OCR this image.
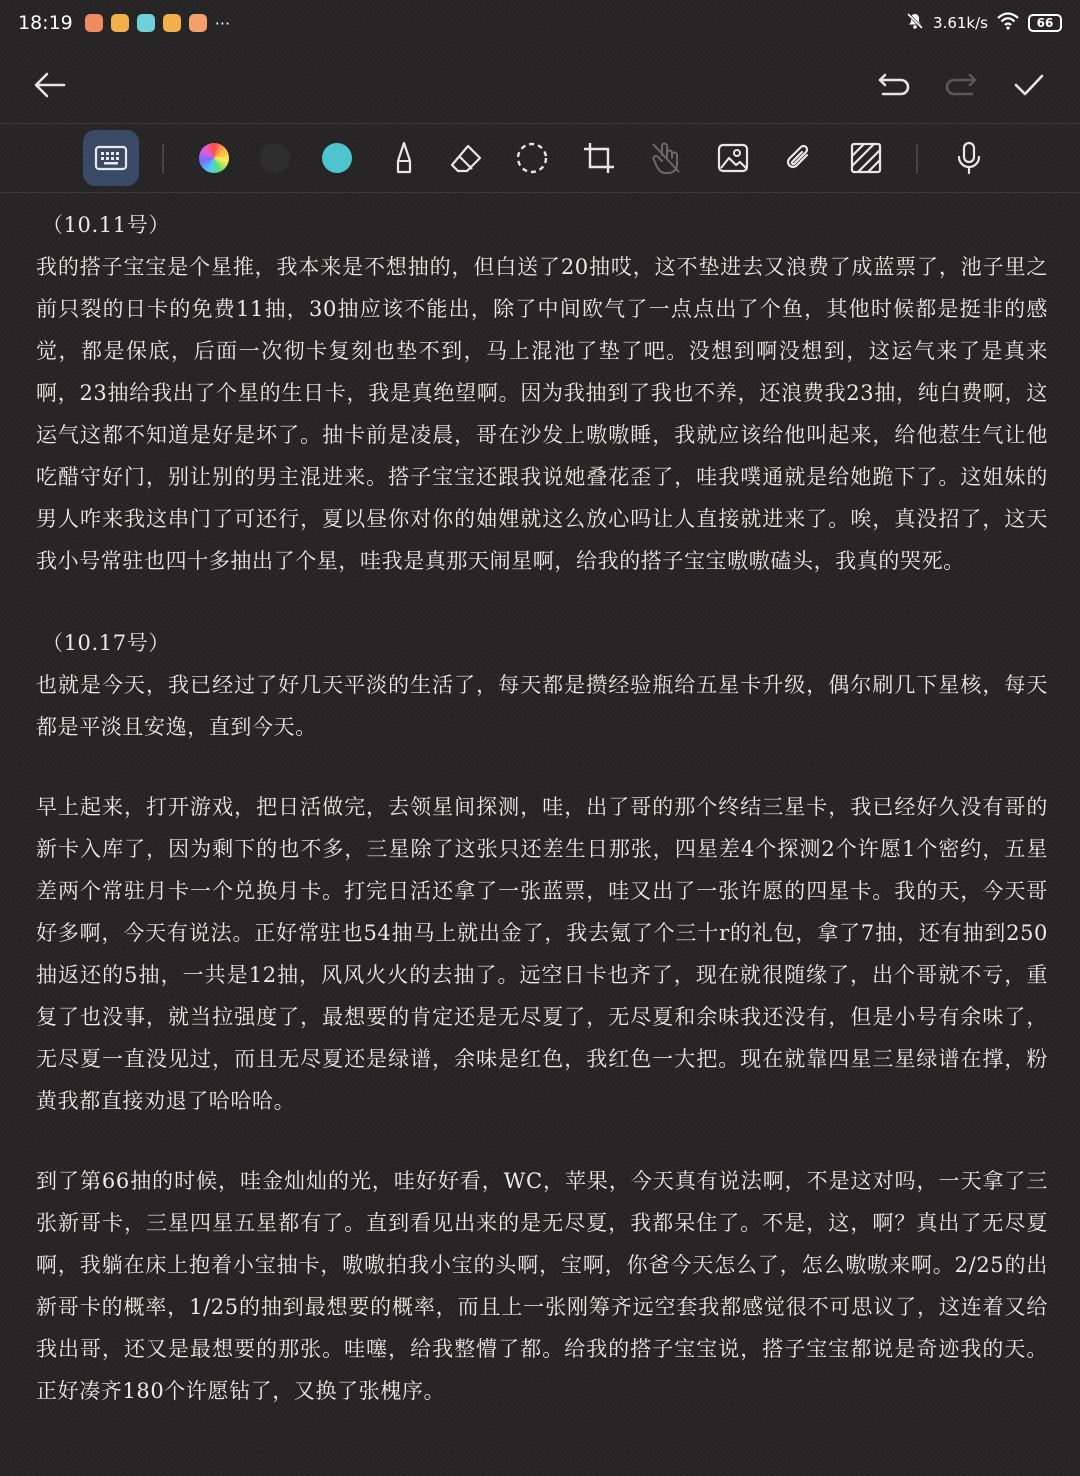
18:19	···	3.61k/s	66

（10.11号）

我的搭子宝宝是个星推，我本来是不想抽的，但白送了20抽哎，这不垫进去又浪费了成蓝票了，池子里之前只裂的日卡的免费11抽，30抽应该不能出，除了中间欧气了一点点出了个鱼，其他时候都是挺非的感觉，都是保底，后面一次彻卡复刻也垫不到，马上混池了垫了吧。没想到啊没想到，这运气来了是真来啊，23抽给我出了个星的生日卡，我是真绝望啊。因为我抽到了我也不养，还浪费我23抽，纯白费啊，这运气这都不知道是好是坏了。抽卡前是凌晨，哥在沙发上嗷嗷睡，我就应该给他叫起来，给他惹生气让他吃醋守好门，别让别的男主混进来。搭子宝宝还跟我说她叠花歪了，哇我噗通就是给她跪下了。这姐妹的男人咋来我这串门了可还行，夏以昼你对你的妯娌就这么放心吗让人直接就进来了。唉，真没招了，这天我小号常驻也四十多抽出了个星，哇我是真那天闹星啊，给我的搭子宝宝嗷嗷磕头，我真的哭死。

（10.17号）

也就是今天，我已经过了好几天平淡的生活了，每天都是攒经验瓶给五星卡升级，偶尔刷几下星核，每天都是平淡且安逸，直到今天。

早上起来，打开游戏，把日活做完，去领星间探测，哇，出了哥的那个终结三星卡，我已经好久没有哥的新卡入库了，因为剩下的也不多，三星除了这张只还差生日那张，四星差4个探测2个许愿1个密约，五星差两个常驻月卡一个兑换月卡。打完日活还拿了一张蓝票，哇又出了一张许愿的四星卡。我的天，今天哥好多啊，今天有说法。正好常驻也54抽马上就出金了，我去氪了个三十r的礼包，拿了7抽，还有抽到250抽返还的5抽，一共是12抽，风风火火的去抽了。远空日卡也齐了，现在就很随缘了，出个哥就不亏，重复了也没事，就当拉强度了，最想要的肯定还是无尽夏了，无尽夏和余味我还没有，但是小号有余味了，无尽夏一直没见过，而且无尽夏还是绿谱，余味是红色，我红色一大把。现在就靠四星三星绿谱在撑，粉黄我都直接劝退了哈哈哈。

到了第66抽的时候，哇金灿灿的光，哇好好看，WC，苹果，今天真有说法啊，不是这对吗，一天拿了三张新哥卡，三星四星五星都有了。直到看见出来的是无尽夏，我都呆住了。不是，这，啊？真出了无尽夏啊，我躺在床上抱着小宝抽卡，嗷嗷拍我小宝的头啊，宝啊，你爸今天怎么了，怎么嗷嗷来啊。2/25的出新哥卡的概率，1/25的抽到最想要的概率，而且上一张刚筹齐远空套我都感觉很不可思议了，这连着又给我出哥，还又是最想要的那张。哇噻，给我整懵了都。给我的搭子宝宝说，搭子宝宝都说是奇迹我的天。正好凑齐180个许愿钻了，又换了张槐序。
